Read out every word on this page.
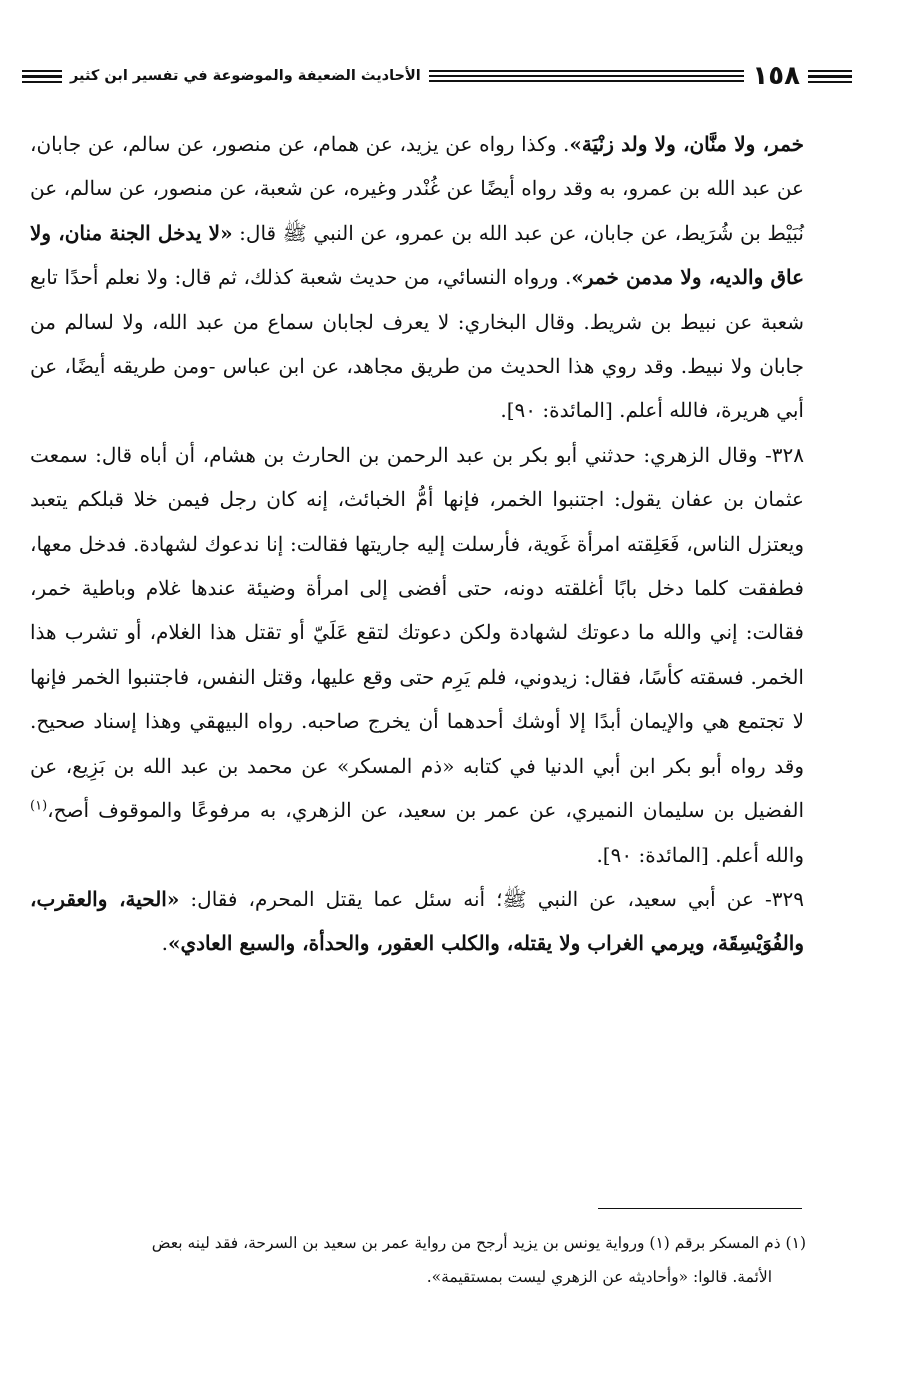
الأحاديث الضعيفة والموضوعة في تفسير ابن كثير	١٥٨

خمر، ولا منَّان، ولا ولد زنْيَة». وكذا رواه عن يزيد، عن همام، عن منصور، عن سالم، عن جابان، عن عبد الله بن عمرو، به وقد رواه أيضًا عن غُنْدر وغيره، عن شعبة، عن منصور، عن سالم، عن نُبَيْط بن شُرَيط، عن جابان، عن عبد الله بن عمرو، عن النبي ﷺ قال: «لا يدخل الجنة منان، ولا عاق والديه، ولا مدمن خمر». ورواه النسائي، من حديث شعبة كذلك، ثم قال: ولا نعلم أحدًا تابع شعبة عن نبيط بن شريط. وقال البخاري: لا يعرف لجابان سماع من عبد الله، ولا لسالم من جابان ولا نبيط. وقد روي هذا الحديث من طريق مجاهد، عن ابن عباس -ومن طريقه أيضًا، عن أبي هريرة، فالله أعلم. [المائدة: ٩٠].

٣٢٨- وقال الزهري: حدثني أبو بكر بن عبد الرحمن بن الحارث بن هشام، أن أباه قال: سمعت عثمان بن عفان يقول: اجتنبوا الخمر، فإنها أمُّ الخبائث، إنه كان رجل فيمن خلا قبلكم يتعبد ويعتزل الناس، فَعَلِقته امرأة غَوية، فأرسلت إليه جاريتها فقالت: إنا ندعوك لشهادة. فدخل معها، فطفقت كلما دخل بابًا أغلقته دونه، حتى أفضى إلى امرأة وضيئة عندها غلام وباطية خمر، فقالت: إني والله ما دعوتك لشهادة ولكن دعوتك لتقع عَلَيّ أو تقتل هذا الغلام، أو تشرب هذا الخمر. فسقته كأسًا، فقال: زيدوني، فلم يَرِم حتى وقع عليها، وقتل النفس، فاجتنبوا الخمر فإنها لا تجتمع هي والإيمان أبدًا إلا أوشك أحدهما أن يخرج صاحبه. رواه البيهقي وهذا إسناد صحيح. وقد رواه أبو بكر ابن أبي الدنيا في كتابه «ذم المسكر» عن محمد بن عبد الله بن بَزِيع، عن الفضيل بن سليمان النميري، عن عمر بن سعيد، عن الزهري، به مرفوعًا والموقوف أصح،$^{(١)}$ والله أعلم. [المائدة: ٩٠].

٣٢٩- عن أبي سعيد، عن النبي ﷺ؛ أنه سئل عما يقتل المحرم، فقال: «الحية، والعقرب، والفُوَيْسِقَة، ويرمي الغراب ولا يقتله، والكلب العقور، والحدأة، والسبع العادي».

(١) ذم المسكر برقم (١) ورواية يونس بن يزيد أرجح من رواية عمر بن سعيد بن السرحة، فقد لينه بعض

الأئمة. قالوا: «وأحاديثه عن الزهري ليست بمستقيمة».
